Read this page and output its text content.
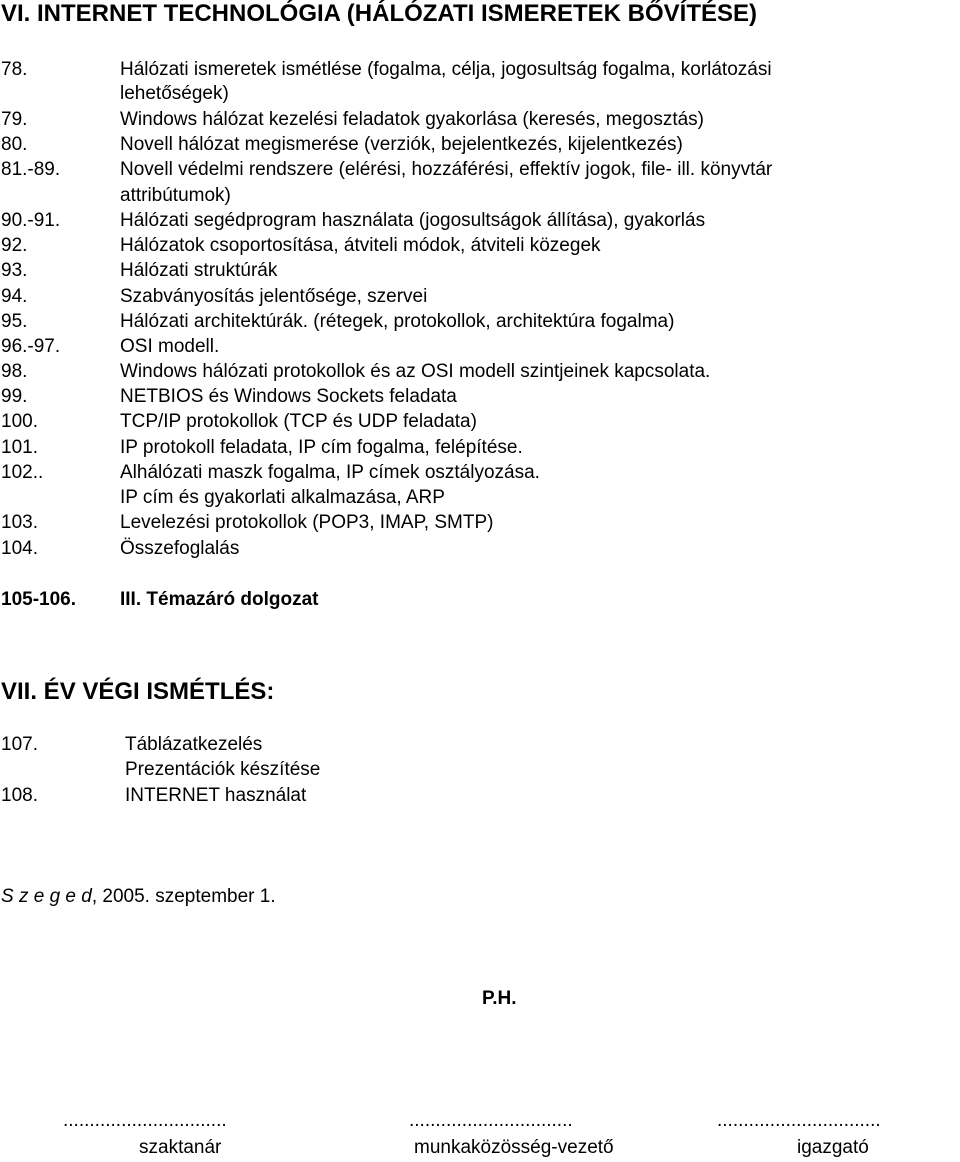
VI. INTERNET TECHNOLÓGIA (HÁLÓZATI ISMERETEK BŐVÍTÉSE)
78.	Hálózati ismeretek ismétlése (fogalma, célja, jogosultság fogalma, korlátozási
lehetőségek)
79.	Windows hálózat kezelési feladatok gyakorlása (keresés, megosztás)
80.	Novell hálózat megismerése (verziók, bejelentkezés, kijelentkezés)
81.-89.	Novell védelmi rendszere (elérési, hozzáférési, effektív jogok, file- ill. könyvtár
attribútumok)
90.-91.	Hálózati segédprogram használata (jogosultságok állítása), gyakorlás
92.	Hálózatok csoportosítása, átviteli módok, átviteli közegek
93.	Hálózati struktúrák
94.	Szabványosítás jelentősége, szervei
95.	Hálózati architektúrák. (rétegek, protokollok, architektúra fogalma)
96.-97.	OSI modell.
98.	Windows hálózati protokollok és az OSI modell szintjeinek kapcsolata.
99.	NETBIOS és Windows Sockets feladata
100.	TCP/IP protokollok (TCP és UDP feladata)
101.	IP protokoll feladata, IP cím fogalma, felépítése.
102..	Alhálózati maszk fogalma, IP címek osztályozása.
IP cím és gyakorlati alkalmazása, ARP
103.	Levelezési protokollok (POP3, IMAP, SMTP)
104.	Összefoglalás
105-106. III. Témazáró dolgozat
VII. ÉV VÉGI ISMÉTLÉS:
107.	Táblázatkezelés
Prezentációk készítése
108.	INTERNET használat
S z e g e d, 2005. szeptember 1.
P.H.
...............................	...............................	...............................
szaktanár	munkaközösség-vezető	igazgató
